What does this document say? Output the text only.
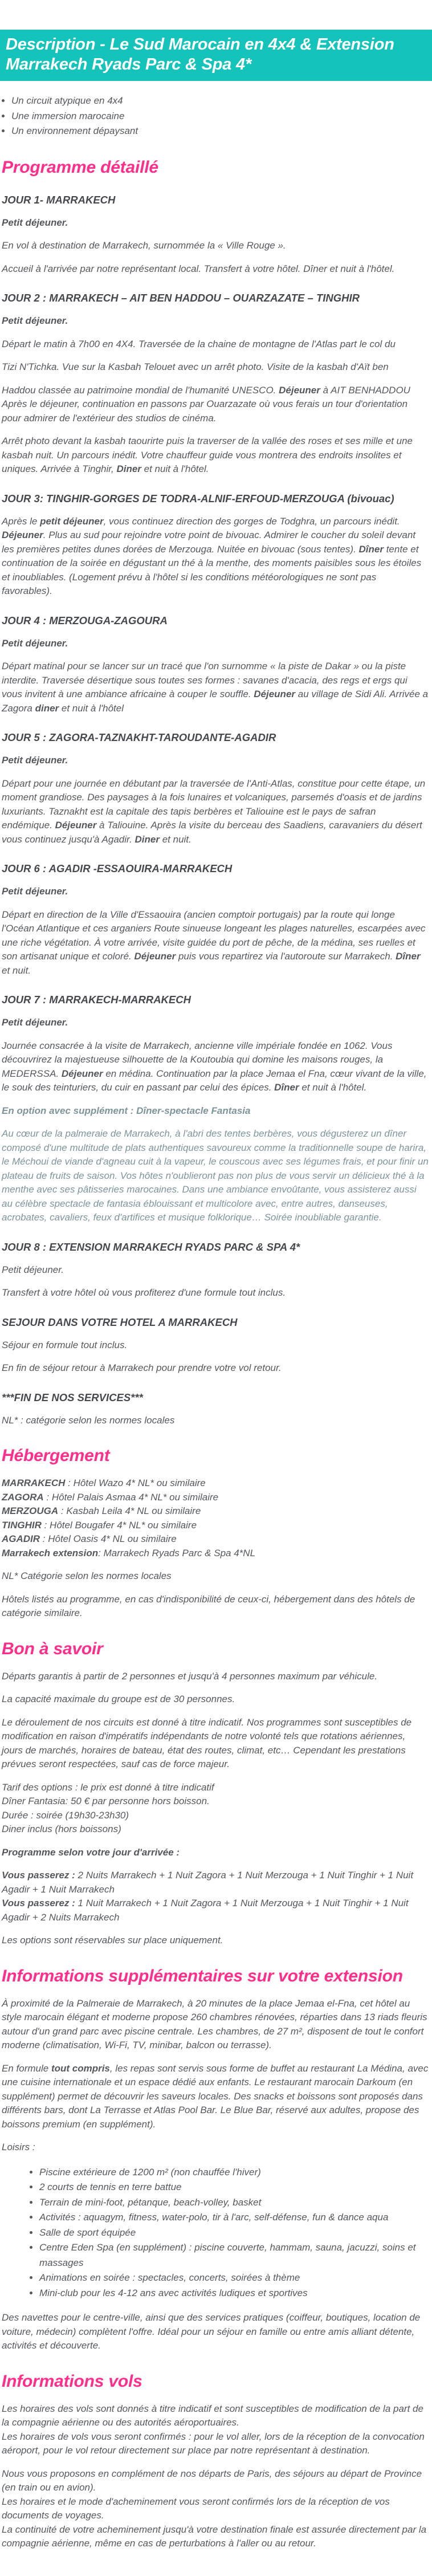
Description - Le Sud Marocain en 4x4 & Extension Marrakech Ryads Parc & Spa 4*
• Un circuit atypique en 4x4
• Une immersion marocaine
• Un environnement dépaysant
Programme détaillé
JOUR 1- MARRAKECH

Petit déjeuner.

En vol à destination de Marrakech, surnommée la « Ville Rouge ».

Accueil à l'arrivée par notre représentant local. Transfert à votre hôtel. Dîner et nuit à l'hôtel.

JOUR 2 : MARRAKECH – AIT BEN HADDOU – OUARZAZATE – TINGHIR

Petit déjeuner.

Départ le matin à 7h00 en 4X4. Traversée de la chaine de montagne de l'Atlas part le col du

Tizi N'Tichka. Vue sur la Kasbah Telouet avec un arrêt photo. Visite de la kasbah d'Aït ben

Haddou classée au patrimoine mondial de l'humanité UNESCO. Déjeuner à AIT BENHADDOU Après le déjeuner, continuation en passons par Ouarzazate où vous ferais un tour d'orientation pour admirer de l'extérieur des studios de cinéma.

Arrêt photo devant la kasbah taourirte puis la traverser de la vallée des roses et ses mille et une kasbah nuit. Un parcours inédit. Votre chauffeur guide vous montrera des endroits insolites et uniques. Arrivée à Tinghir, Diner et nuit à l'hôtel.

JOUR 3: TINGHIR-GORGES DE TODRA-ALNIF-ERFOUD-MERZOUGA (bivouac)

Après le petit déjeuner, vous continuez direction des gorges de Todghra, un parcours inédit. Déjeuner. Plus au sud pour rejoindre votre point de bivouac. Admirer le coucher du soleil devant les premières petites dunes dorées de Merzouga. Nuitée en bivouac (sous tentes). Dîner tente et continuation de la soirée en dégustant un thé à la menthe, des moments paisibles sous les étoiles et inoubliables. (Logement prévu à l'hôtel si les conditions météorologiques ne sont pas favorables).

JOUR 4 : MERZOUGA-ZAGOURA

Petit déjeuner.

Départ matinal pour se lancer sur un tracé que l'on surnomme « la piste de Dakar » ou la piste interdite. Traversée désertique sous toutes ses formes : savanes d'acacia, des regs et ergs qui vous invitent à une ambiance africaine à couper le souffle. Déjeuner au village de Sidi Ali. Arrivée a Zagora diner et nuit à l'hôtel

JOUR 5 : ZAGORA-TAZNAKHT-TAROUDANTE-AGADIR

Petit déjeuner.

Départ pour une journée en débutant par la traversée de l'Anti-Atlas, constitue pour cette étape, un moment grandiose. Des paysages à la fois lunaires et volcaniques, parsemés d'oasis et de jardins luxuriants. Taznakht est la capitale des tapis berbères et Taliouine est le pays de safran endémique. Déjeuner à Taliouine. Après la visite du berceau des Saadiens, caravaniers du désert vous continuez jusqu'à Agadir. Diner et nuit.

JOUR 6 : AGADIR -ESSAOUIRA-MARRAKECH

Petit déjeuner.

Départ en direction de la Ville d'Essaouira (ancien comptoir portugais) par la route qui longe l'Océan Atlantique et ces arganiers Route sinueuse longeant les plages naturelles, escarpées avec une riche végétation. À votre arrivée, visite guidée du port de pêche, de la médina, ses ruelles et son artisanat unique et coloré. Déjeuner puis vous repartirez via l'autoroute sur Marrakech. Dîner et nuit.

JOUR 7 : MARRAKECH-MARRAKECH

Petit déjeuner.

Journée consacrée à la visite de Marrakech, ancienne ville impériale fondée en 1062. Vous découvrirez la majestueuse silhouette de la Koutoubia qui domine les maisons rouges, la MEDERSSA. Déjeuner en médina. Continuation par la place Jemaa el Fna, cœur vivant de la ville, le souk des teinturiers, du cuir en passant par celui des épices. Dîner et nuit à l'hôtel.

En option avec supplément : Dîner-spectacle Fantasia

Au cœur de la palmeraie de Marrakech, à l'abri des tentes berbères, vous dégusterez un dîner composé d'une multitude de plats authentiques savoureux comme la traditionnelle soupe de harira, le Méchoui de viande d'agneau cuit à la vapeur, le couscous avec ses légumes frais, et pour finir un plateau de fruits de saison. Vos hôtes n'oublieront pas non plus de vous servir un délicieux thé à la menthe avec ses pâtisseries marocaines. Dans une ambiance envoûtante, vous assisterez aussi au célèbre spectacle de fantasia éblouissant et multicolore avec, entre autres, danseuses, acrobates, cavaliers, feux d'artifices et musique folklorique… Soirée inoubliable garantie.

JOUR 8 : EXTENSION MARRAKECH RYADS PARC & SPA 4*

Petit déjeuner.

Transfert à votre hôtel où vous profiterez d'une formule tout inclus.

SEJOUR DANS VOTRE HOTEL A MARRAKECH

Séjour en formule tout inclus.

En fin de séjour retour à Marrakech pour prendre votre vol retour.

***FIN DE NOS SERVICES***

NL* : catégorie selon les normes locales

Hébergement

MARRAKECH : Hôtel Wazo 4* NL* ou similaire
ZAGORA : Hôtel Palais Asmaa 4* NL* ou similaire
MERZOUGA : Kasbah Leila 4* NL ou similaire
TINGHIR : Hôtel Bougafer 4* NL* ou similaire
AGADIR : Hôtel Oasis 4* NL ou similaire
Marrakech extension: Marrakech Ryads Parc & Spa 4*NL

NL* Catégorie selon les normes locales

Hôtels listés au programme, en cas d'indisponibilité de ceux-ci, hébergement dans des hôtels de catégorie similaire.

Bon à savoir

Départs garantis à partir de 2 personnes et jusqu'à 4 personnes maximum par véhicule.

La capacité maximale du groupe est de 30 personnes.

Le déroulement de nos circuits est donné à titre indicatif. Nos programmes sont susceptibles de modification en raison d'impératifs indépendants de notre volonté tels que rotations aériennes, jours de marchés, horaires de bateau, état des routes, climat, etc… Cependant les prestations prévues seront respectées, sauf cas de force majeur.

Tarif des options : le prix est donné à titre indicatif
Dîner Fantasia: 50 € par personne hors boisson.
Durée : soirée (19h30-23h30)
Diner inclus (hors boissons)

Programme selon votre jour d'arrivée :

Vous passerez : 2 Nuits Marrakech + 1 Nuit Zagora + 1 Nuit Merzouga + 1 Nuit Tinghir + 1 Nuit Agadir + 1 Nuit Marrakech
Vous passerez : 1 Nuit Marrakech + 1 Nuit Zagora + 1 Nuit Merzouga + 1 Nuit Tinghir + 1 Nuit Agadir + 2 Nuits Marrakech

Les options sont réservables sur place uniquement.

Informations supplémentaires sur votre extension

À proximité de la Palmeraie de Marrakech, à 20 minutes de la place Jemaa el-Fna, cet hôtel au style marocain élégant et moderne propose 260 chambres rénovées, réparties dans 13 riads fleuris autour d'un grand parc avec piscine centrale. Les chambres, de 27 m², disposent de tout le confort moderne (climatisation, Wi-Fi, TV, minibar, balcon ou terrasse).

En formule tout compris, les repas sont servis sous forme de buffet au restaurant La Médina, avec une cuisine internationale et un espace dédié aux enfants. Le restaurant marocain Darkoum (en supplément) permet de découvrir les saveurs locales. Des snacks et boissons sont proposés dans différents bars, dont La Terrasse et Atlas Pool Bar. Le Blue Bar, réservé aux adultes, propose des boissons premium (en supplément).

Loisirs :

• Piscine extérieure de 1200 m² (non chauffée l'hiver)
• 2 courts de tennis en terre battue
• Terrain de mini-foot, pétanque, beach-volley, basket
• Activités : aquagym, fitness, water-polo, tir à l'arc, self-défense, fun & dance aqua
• Salle de sport équipée
• Centre Eden Spa (en supplément) : piscine couverte, hammam, sauna, jacuzzi, soins et massages
• Animations en soirée : spectacles, concerts, soirées à thème
• Mini-club pour les 4-12 ans avec activités ludiques et sportives

Des navettes pour le centre-ville, ainsi que des services pratiques (coiffeur, boutiques, location de voiture, médecin) complètent l'offre. Idéal pour un séjour en famille ou entre amis alliant détente, activités et découverte.

Informations vols

Les horaires des vols sont donnés à titre indicatif et sont susceptibles de modification de la part de la compagnie aérienne ou des autorités aéroportuaires.
Les horaires de vols vous seront confirmés : pour le vol aller, lors de la réception de la convocation aéroport, pour le vol retour directement sur place par notre représentant à destination.

Nous vous proposons en complément de nos départs de Paris, des séjours au départ de Province (en train ou en avion).
Les horaires et le mode d'acheminement vous seront confirmés lors de la réception de vos documents de voyages.
La continuité de votre acheminement jusqu'à votre destination finale est assurée directement par la compagnie aérienne, même en cas de perturbations à l'aller ou au retour.
